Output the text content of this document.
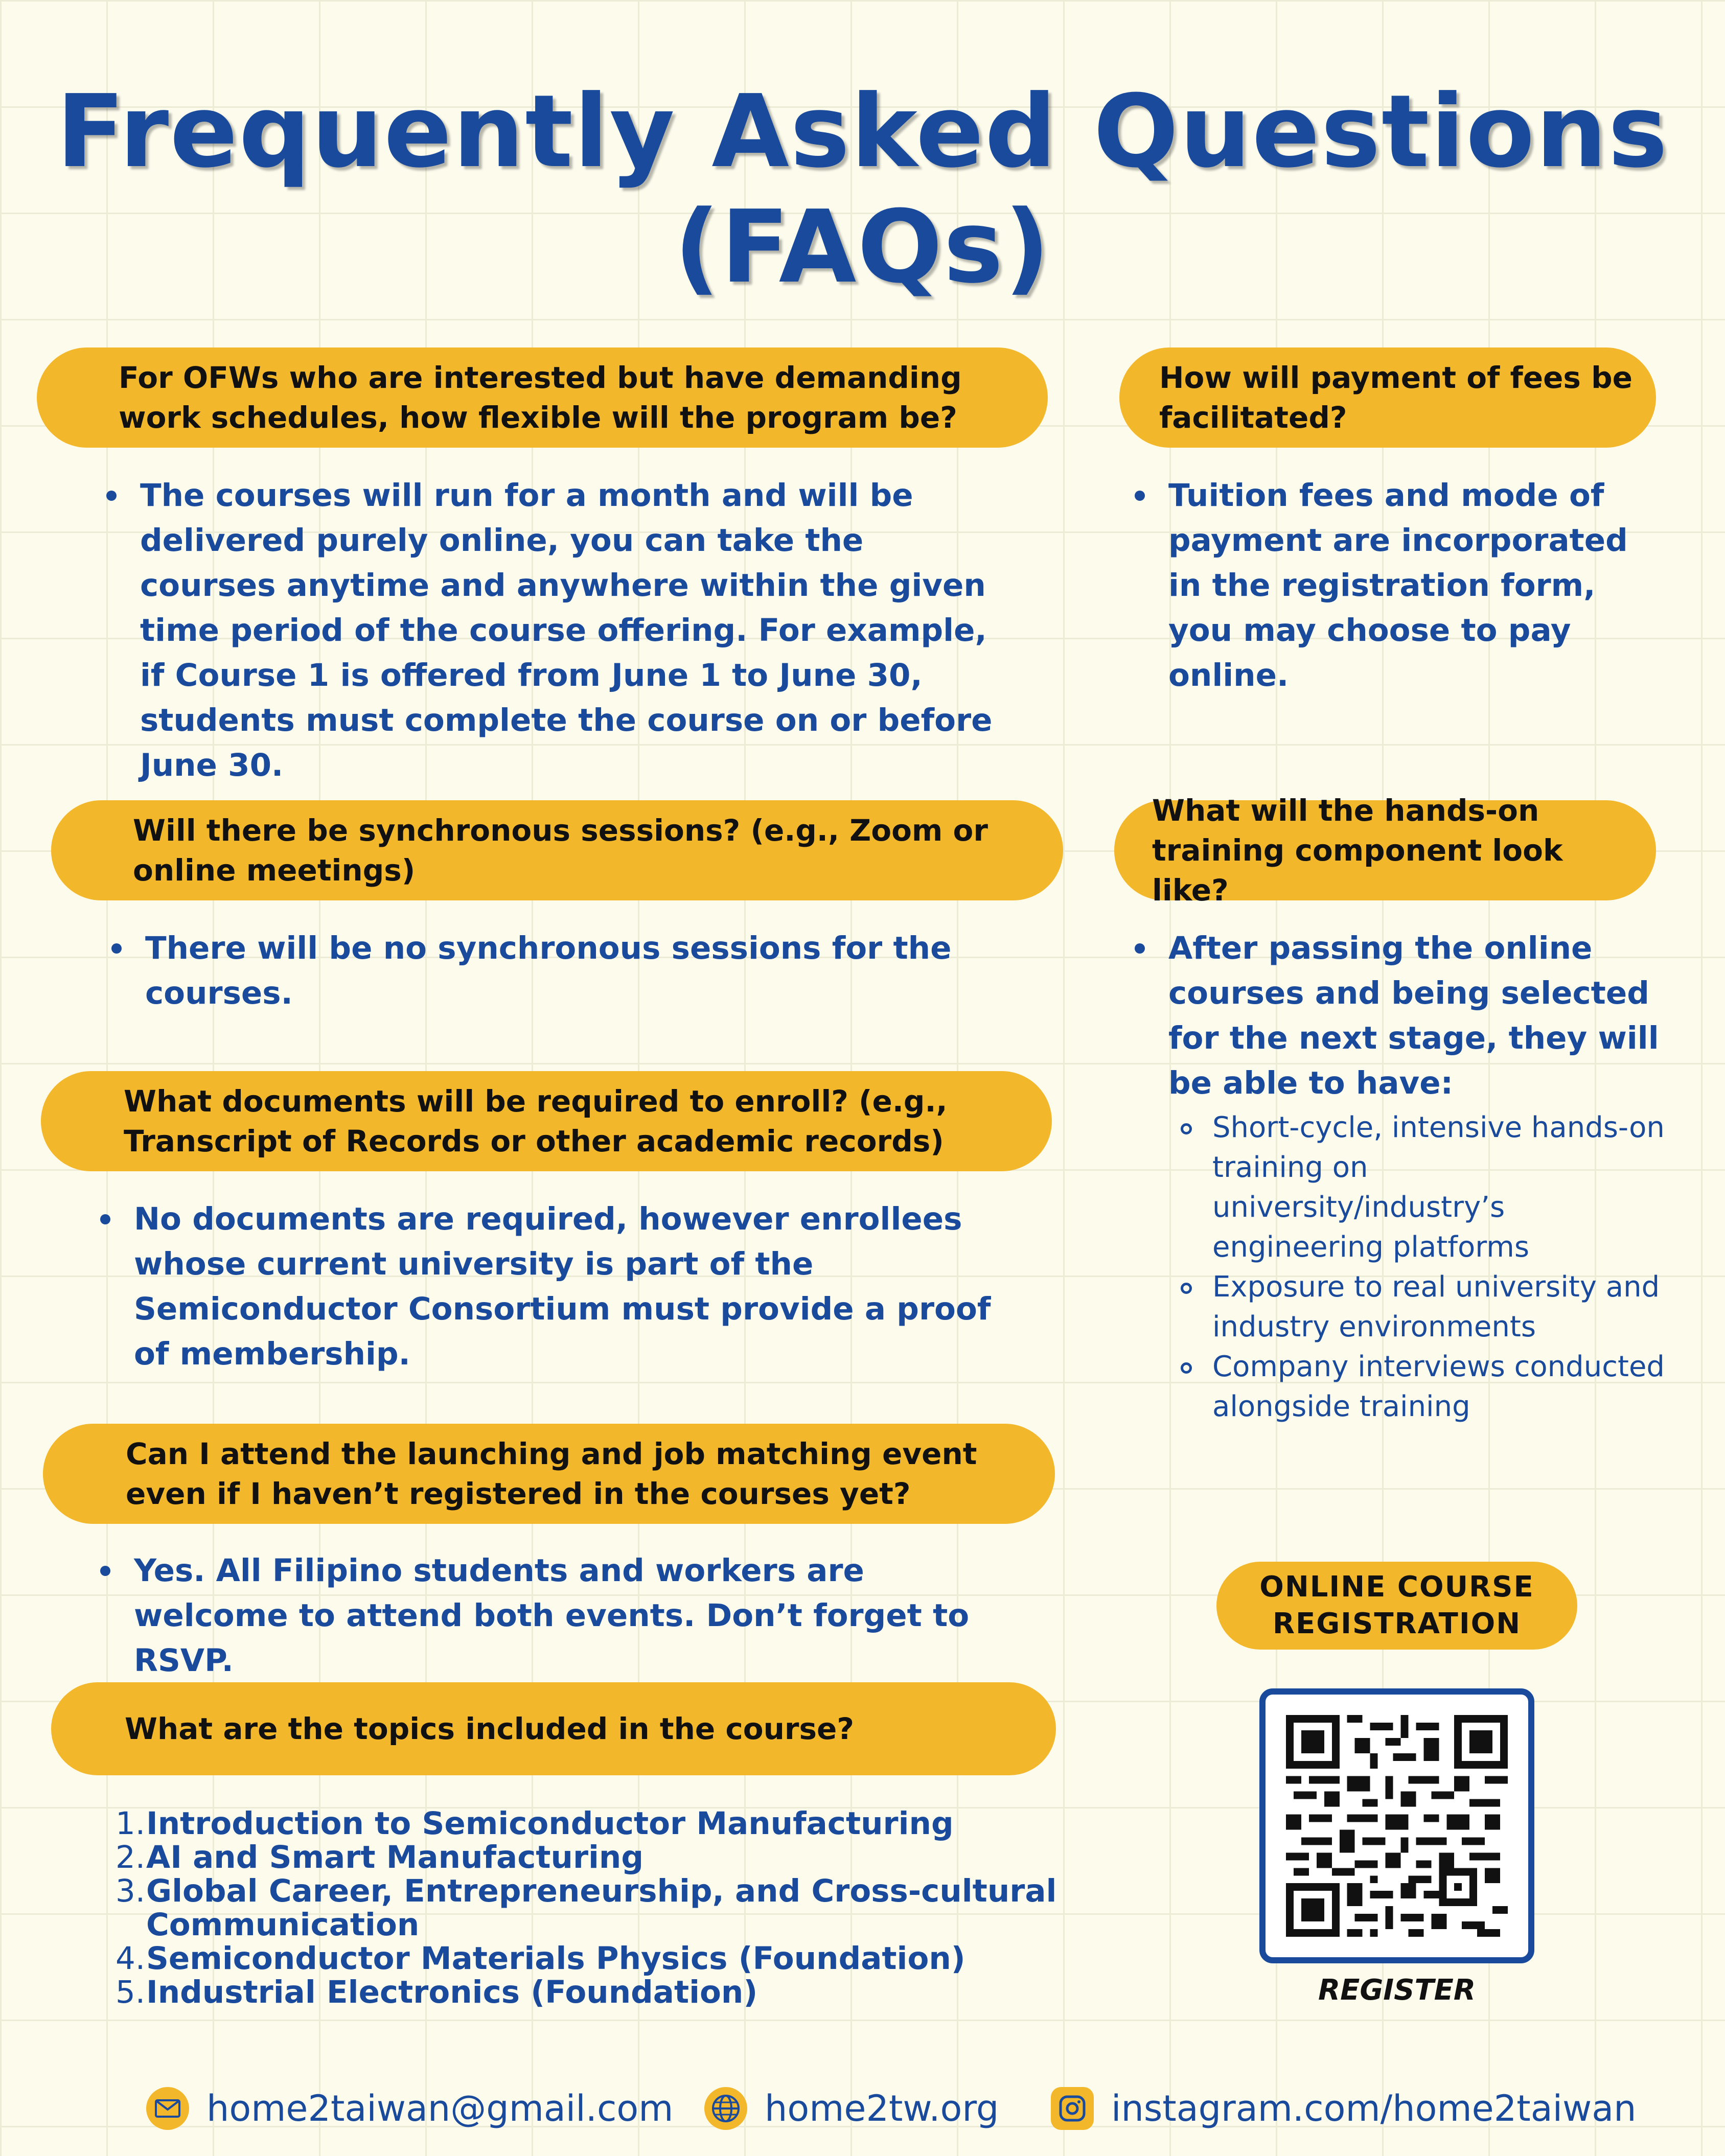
Frequently Asked Questions
(FAQs)
For OFWs who are interested but have demanding work schedules, how flexible will the program be?
The courses will run for a month and will be delivered purely online, you can take the courses anytime and anywhere within the given time period of the course offering. For example, if Course 1 is offered from June 1 to June 30, students must complete the course on or before June 30.
How will payment of fees be facilitated?
Tuition fees and mode of payment are incorporated in the registration form, you may choose to pay online.
Will there be synchronous sessions? (e.g., Zoom or online meetings)
There will be no synchronous sessions for the courses.
What will the hands-on training component look like?
After passing the online courses and being selected for the next stage, they will be able to have:
Short-cycle, intensive hands-on training on university/industry’s engineering platforms
Exposure to real university and industry environments
Company interviews conducted alongside training
What documents will be required to enroll? (e.g., Transcript of Records or other academic records)
No documents are required, however enrollees whose current university is part of the Semiconductor Consortium must provide a proof of membership.
Can I attend the launching and job matching event even if I haven’t registered in the courses yet?
Yes. All Filipino students and workers are welcome to attend both events. Don’t forget to RSVP.
What are the topics included in the course?
1. Introduction to Semiconductor Manufacturing
2. AI and Smart Manufacturing
3. Global Career, Entrepreneurship, and Cross-cultural Communication
4. Semiconductor Materials Physics (Foundation)
5. Industrial Electronics (Foundation)
ONLINE COURSE REGISTRATION
REGISTER
home2taiwan@gmail.com	home2tw.org	instagram.com/home2taiwan
